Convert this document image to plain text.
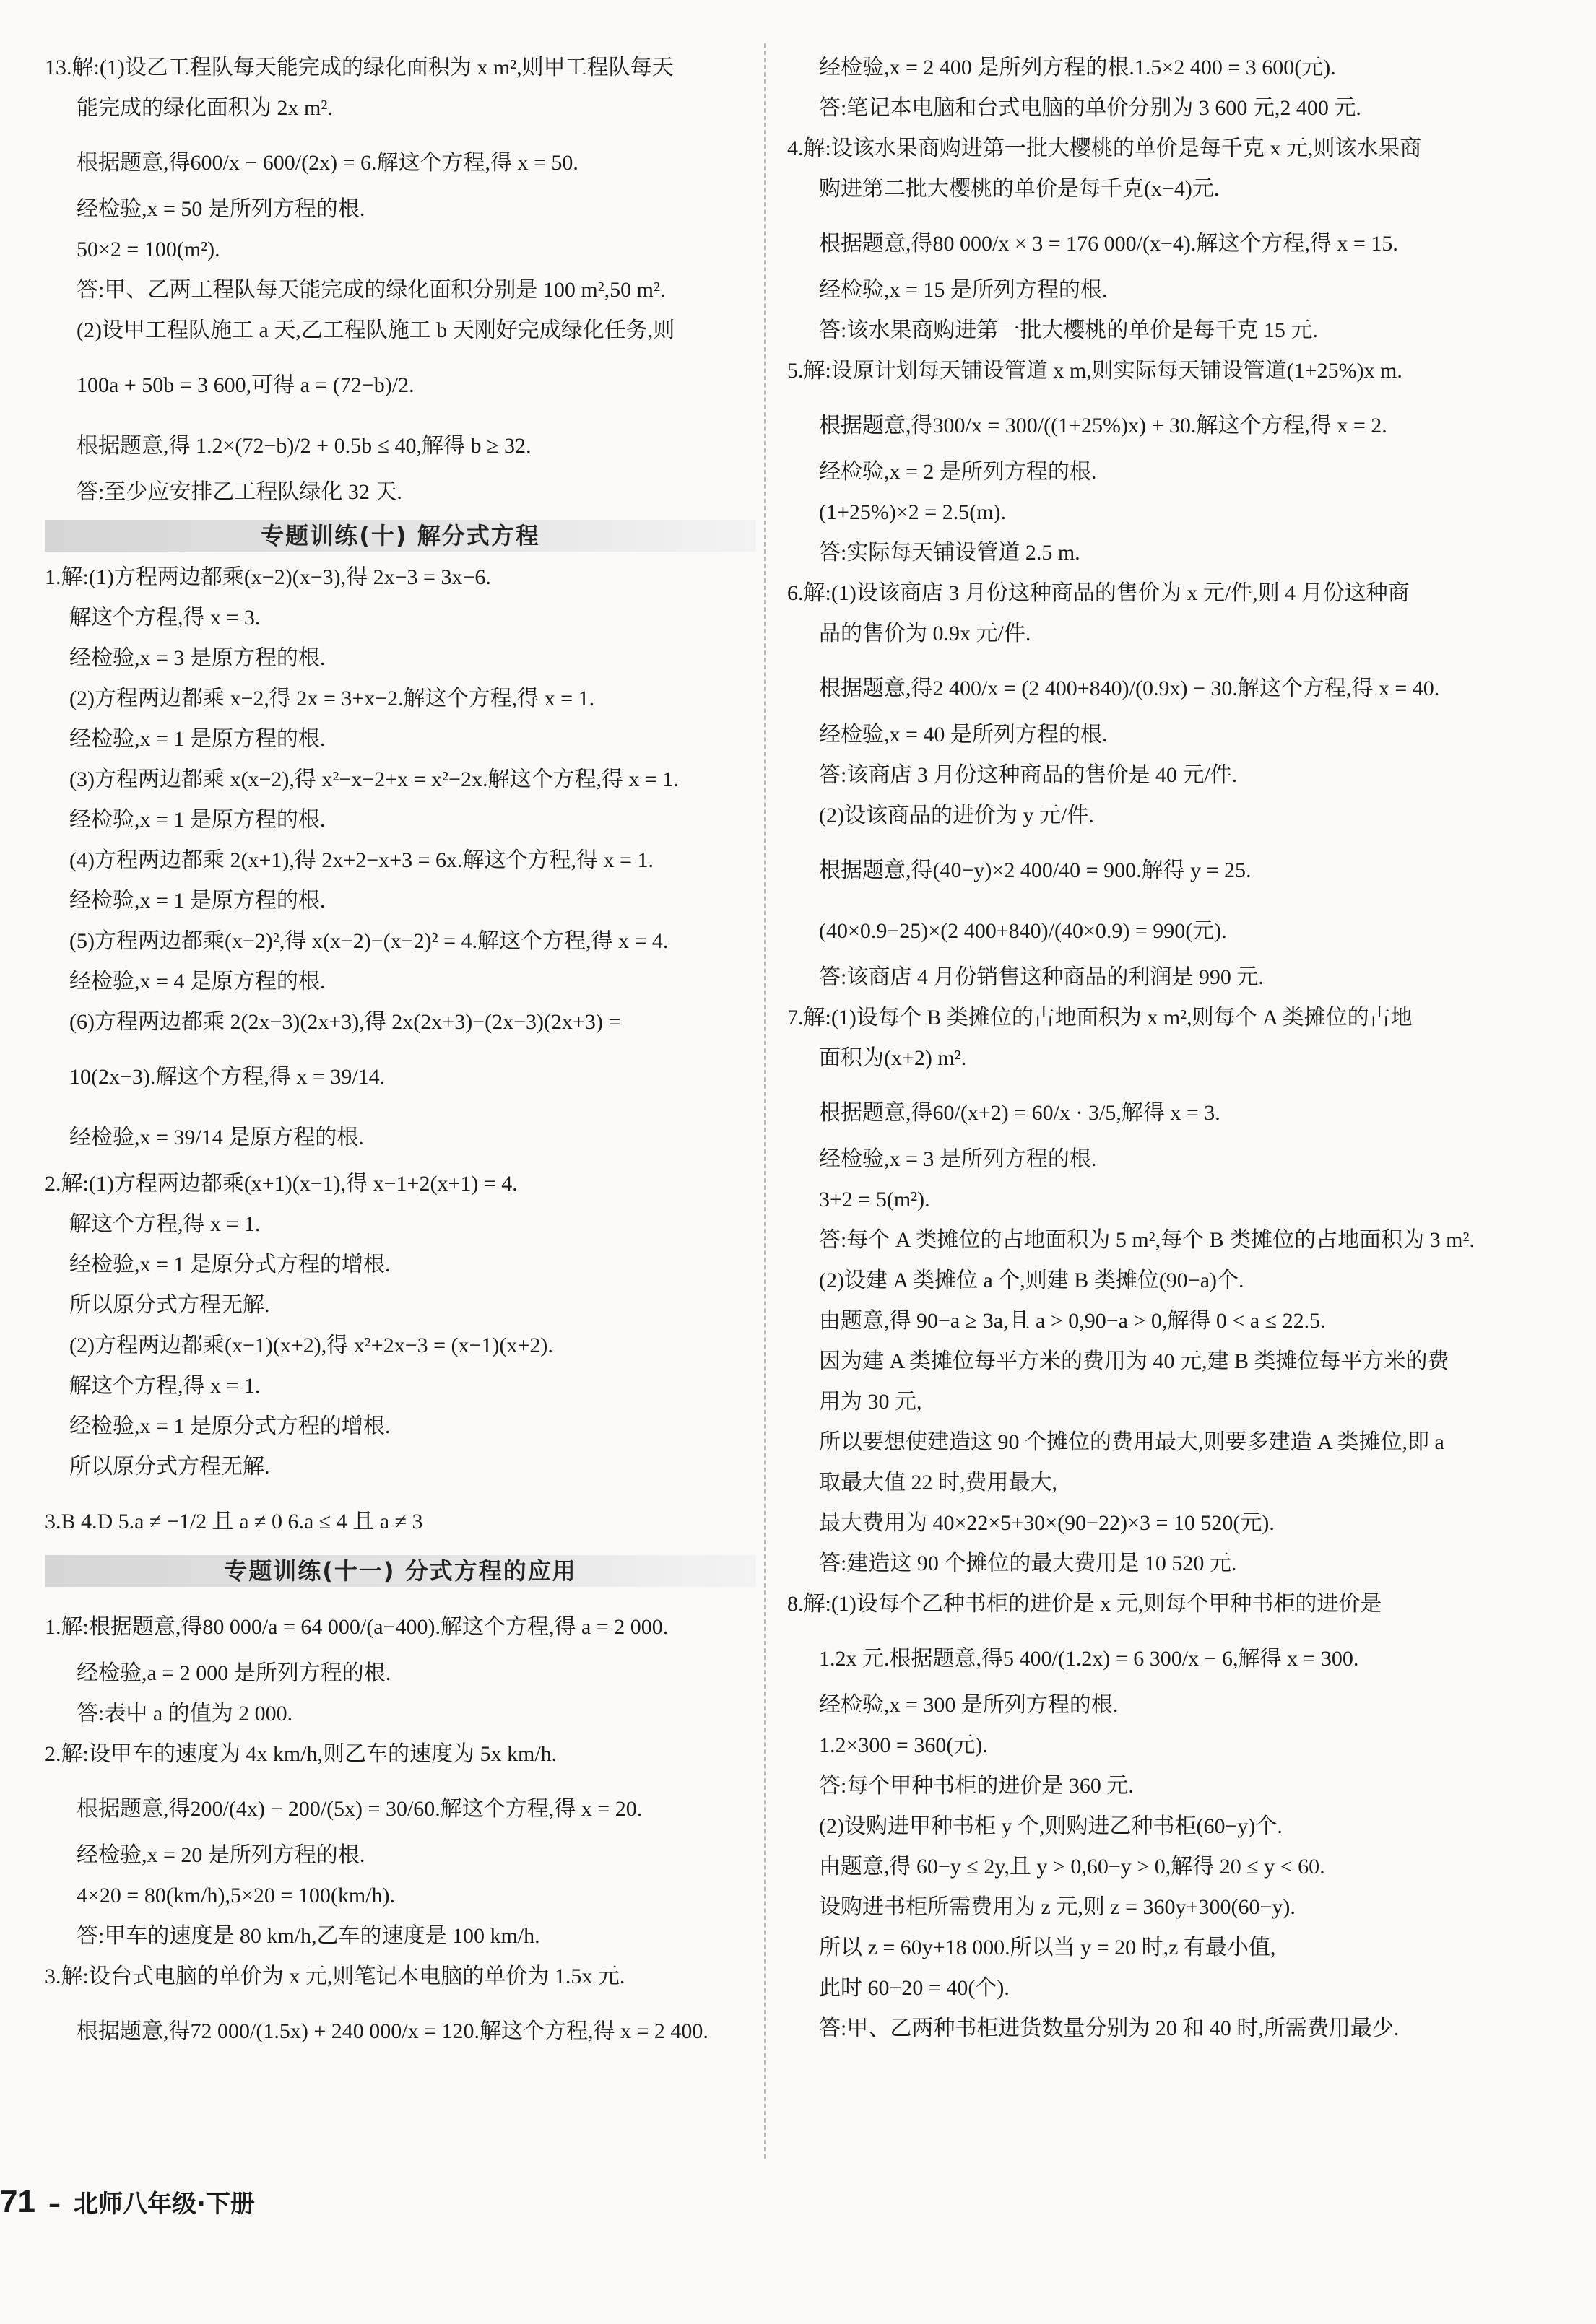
13.解:(1)设乙工程队每天能完成的绿化面积为 x m²,则甲工程队每天
能完成的绿化面积为 2x m².
根据题意,得600/x − 600/(2x) = 6.解这个方程,得 x = 50.
经检验,x = 50 是所列方程的根.
50×2 = 100(m²).
答:甲、乙两工程队每天能完成的绿化面积分别是 100 m²,50 m².
(2)设甲工程队施工 a 天,乙工程队施工 b 天刚好完成绿化任务,则
100a + 50b = 3 600,可得 a = (72−b)/2.
根据题意,得 1.2×(72−b)/2 + 0.5b ≤ 40,解得 b ≥ 32.
答:至少应安排乙工程队绿化 32 天.
专题训练(十) 解分式方程
1.解:(1)方程两边都乘(x−2)(x−3),得 2x−3 = 3x−6.
解这个方程,得 x = 3.
经检验,x = 3 是原方程的根.
(2)方程两边都乘 x−2,得 2x = 3+x−2.解这个方程,得 x = 1.
经检验,x = 1 是原方程的根.
(3)方程两边都乘 x(x−2),得 x²−x−2+x = x²−2x.解这个方程,得 x = 1.
经检验,x = 1 是原方程的根.
(4)方程两边都乘 2(x+1),得 2x+2−x+3 = 6x.解这个方程,得 x = 1.
经检验,x = 1 是原方程的根.
(5)方程两边都乘(x−2)²,得 x(x−2)−(x−2)² = 4.解这个方程,得 x = 4.
经检验,x = 4 是原方程的根.
(6)方程两边都乘 2(2x−3)(2x+3),得 2x(2x+3)−(2x−3)(2x+3) =
10(2x−3).解这个方程,得 x = 39/14.
经检验,x = 39/14 是原方程的根.
2.解:(1)方程两边都乘(x+1)(x−1),得 x−1+2(x+1) = 4.
解这个方程,得 x = 1.
经检验,x = 1 是原分式方程的增根.
所以原分式方程无解.
(2)方程两边都乘(x−1)(x+2),得 x²+2x−3 = (x−1)(x+2).
解这个方程,得 x = 1.
经检验,x = 1 是原分式方程的增根.
所以原分式方程无解.
3.B 4.D 5.a ≠ −1/2 且 a ≠ 0 6.a ≤ 4 且 a ≠ 3
专题训练(十一) 分式方程的应用
1.解:根据题意,得80 000/a = 64 000/(a−400).解这个方程,得 a = 2 000.
经检验,a = 2 000 是所列方程的根.
答:表中 a 的值为 2 000.
2.解:设甲车的速度为 4x km/h,则乙车的速度为 5x km/h.
根据题意,得200/(4x) − 200/(5x) = 30/60.解这个方程,得 x = 20.
经检验,x = 20 是所列方程的根.
4×20 = 80(km/h),5×20 = 100(km/h).
答:甲车的速度是 80 km/h,乙车的速度是 100 km/h.
3.解:设台式电脑的单价为 x 元,则笔记本电脑的单价为 1.5x 元.
根据题意,得72 000/(1.5x) + 240 000/x = 120.解这个方程,得 x = 2 400.
经检验,x = 2 400 是所列方程的根.1.5×2 400 = 3 600(元).
答:笔记本电脑和台式电脑的单价分别为 3 600 元,2 400 元.
4.解:设该水果商购进第一批大樱桃的单价是每千克 x 元,则该水果商
购进第二批大樱桃的单价是每千克(x−4)元.
根据题意,得80 000/x × 3 = 176 000/(x−4).解这个方程,得 x = 15.
经检验,x = 15 是所列方程的根.
答:该水果商购进第一批大樱桃的单价是每千克 15 元.
5.解:设原计划每天铺设管道 x m,则实际每天铺设管道(1+25%)x m.
根据题意,得300/x = 300/((1+25%)x) + 30.解这个方程,得 x = 2.
经检验,x = 2 是所列方程的根.
(1+25%)×2 = 2.5(m).
答:实际每天铺设管道 2.5 m.
6.解:(1)设该商店 3 月份这种商品的售价为 x 元/件,则 4 月份这种商
品的售价为 0.9x 元/件.
根据题意,得2 400/x = (2 400+840)/(0.9x) − 30.解这个方程,得 x = 40.
经检验,x = 40 是所列方程的根.
答:该商店 3 月份这种商品的售价是 40 元/件.
(2)设该商品的进价为 y 元/件.
根据题意,得(40−y)×2 400/40 = 900.解得 y = 25.
(40×0.9−25)×(2 400+840)/(40×0.9) = 990(元).
答:该商店 4 月份销售这种商品的利润是 990 元.
7.解:(1)设每个 B 类摊位的占地面积为 x m²,则每个 A 类摊位的占地
面积为(x+2) m².
根据题意,得60/(x+2) = 60/x · 3/5,解得 x = 3.
经检验,x = 3 是所列方程的根.
3+2 = 5(m²).
答:每个 A 类摊位的占地面积为 5 m²,每个 B 类摊位的占地面积为 3 m².
(2)设建 A 类摊位 a 个,则建 B 类摊位(90−a)个.
由题意,得 90−a ≥ 3a,且 a > 0,90−a > 0,解得 0 < a ≤ 22.5.
因为建 A 类摊位每平方米的费用为 40 元,建 B 类摊位每平方米的费
用为 30 元,
所以要想使建造这 90 个摊位的费用最大,则要多建造 A 类摊位,即 a
取最大值 22 时,费用最大,
最大费用为 40×22×5+30×(90−22)×3 = 10 520(元).
答:建造这 90 个摊位的最大费用是 10 520 元.
8.解:(1)设每个乙种书柜的进价是 x 元,则每个甲种书柜的进价是
1.2x 元.根据题意,得5 400/(1.2x) = 6 300/x − 6,解得 x = 300.
经检验,x = 300 是所列方程的根.
1.2×300 = 360(元).
答:每个甲种书柜的进价是 360 元.
(2)设购进甲种书柜 y 个,则购进乙种书柜(60−y)个.
由题意,得 60−y ≤ 2y,且 y > 0,60−y > 0,解得 20 ≤ y < 60.
设购进书柜所需费用为 z 元,则 z = 360y+300(60−y).
所以 z = 60y+18 000.所以当 y = 20 时,z 有最小值,
此时 60−20 = 40(个).
答:甲、乙两种书柜进货数量分别为 20 和 40 时,所需费用最少.
71 – 北师八年级·下册
